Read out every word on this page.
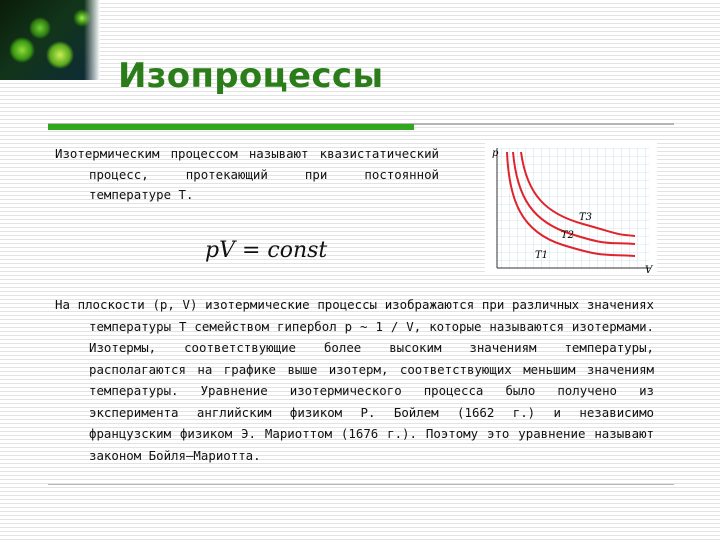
Изопроцессы

Изотермическим процессом называют квазистатический процесс, протекающий при постоянной температуре T.

pV = const
p
V
T3
T2
T1

На плоскости (p, V) изотермические процессы изображаются при различных значениях температуры T семейством гипербол p ~ 1 / V, которые называются изотермами. Изотермы, соответствующие более высоким значениям температуры, располагаются на графике выше изотерм, соответствующих меньшим значениям температуры. Уравнение изотермического процесса было получено из эксперимента английским физиком Р. Бойлем (1662 г.) и независимо французским физиком Э. Мариоттом (1676 г.). Поэтому это уравнение называют законом Бойля–Мариотта.
